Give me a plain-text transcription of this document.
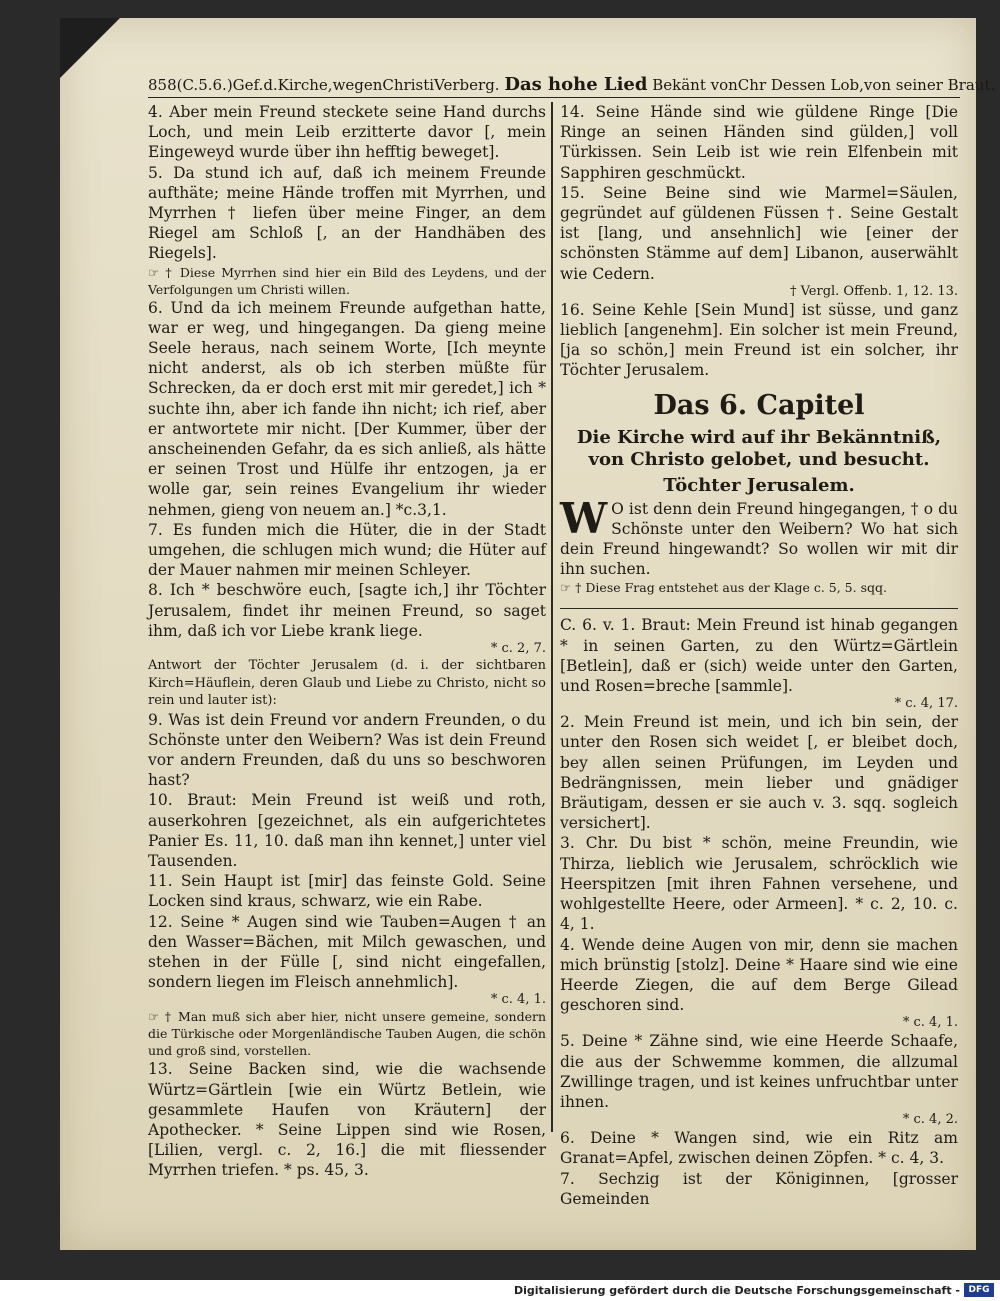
858(C.5.6.)Gef.d.Kirche,wegenChristiVerberg. Das hohe Lied Bekänt vonChr Dessen Lob,von seiner Braut.

4. Aber mein Freund steckete seine Hand durchs Loch, und mein Leib erzitterte davor [, mein Eingeweyd wurde über ihn hefftig beweget].

5. Da stund ich auf, daß ich meinem Freunde aufthäte; meine Hände troffen mit Myrrhen, und Myrrhen † liefen über meine Finger, an dem Riegel am Schloß [, an der Handhäben des Riegels].

☞ † Diese Myrrhen sind hier ein Bild des Leydens, und der Verfolgungen um Christi willen.

6. Und da ich meinem Freunde aufgethan hatte, war er weg, und hingegangen. Da gieng meine Seele heraus, nach seinem Worte, [Ich meynte nicht anderst, als ob ich sterben müßte für Schrecken, da er doch erst mit mir geredet,] ich * suchte ihn, aber ich fande ihn nicht; ich rief, aber er antwortete mir nicht. [Der Kummer, über der anscheinenden Gefahr, da es sich anließ, als hätte er seinen Trost und Hülfe ihr entzogen, ja er wolle gar, sein reines Evangelium ihr wieder nehmen, gieng von neuem an.] *c.3,1.

7. Es funden mich die Hüter, die in der Stadt umgehen, die schlugen mich wund; die Hüter auf der Mauer nahmen mir meinen Schleyer.

8. Ich * beschwöre euch, [sagte ich,] ihr Töchter Jerusalem, findet ihr meinen Freund, so saget ihm, daß ich vor Liebe krank liege.

* c. 2, 7.

Antwort der Töchter Jerusalem (d. i. der sichtbaren Kirch=Häuflein, deren Glaub und Liebe zu Christo, nicht so rein und lauter ist):

9. Was ist dein Freund vor andern Freunden, o du Schönste unter den Weibern? Was ist dein Freund vor andern Freunden, daß du uns so beschworen hast?

10. Braut: Mein Freund ist weiß und roth, auserkohren [gezeichnet, als ein aufgerichtetes Panier Es. 11, 10. daß man ihn kennet,] unter viel Tausenden.

11. Sein Haupt ist [mir] das feinste Gold. Seine Locken sind kraus, schwarz, wie ein Rabe.

12. Seine * Augen sind wie Tauben=Augen † an den Wasser=Bächen, mit Milch gewaschen, und stehen in der Fülle [, sind nicht eingefallen, sondern liegen im Fleisch annehmlich].

* c. 4, 1.

☞ † Man muß sich aber hier, nicht unsere gemeine, sondern die Türkische oder Morgenländische Tauben Augen, die schön und groß sind, vorstellen.

13. Seine Backen sind, wie die wachsende Würtz=Gärtlein [wie ein Würtz Betlein, wie gesammlete Haufen von Kräutern] der Apothecker. * Seine Lippen sind wie Rosen, [Lilien, vergl. c. 2, 16.] die mit fliessender Myrrhen triefen. * ps. 45, 3.

14. Seine Hände sind wie güldene Ringe [Die Ringe an seinen Händen sind gülden,] voll Türkissen. Sein Leib ist wie rein Elfenbein mit Sapphiren geschmückt.

15. Seine Beine sind wie Marmel=Säulen, gegründet auf güldenen Füssen †. Seine Gestalt ist [lang, und ansehnlich] wie [einer der schönsten Stämme auf dem] Libanon, auserwählt wie Cedern.

† Vergl. Offenb. 1, 12. 13.

16. Seine Kehle [Sein Mund] ist süsse, und ganz lieblich [angenehm]. Ein solcher ist mein Freund, [ja so schön,] mein Freund ist ein solcher, ihr Töchter Jerusalem.

Das 6. Capitel

Die Kirche wird auf ihr Bekänntniß, von Christo gelobet, und besucht.

Töchter Jerusalem.

W O ist denn dein Freund hingegangen, † o du Schönste unter den Weibern? Wo hat sich dein Freund hingewandt? So wollen wir mit dir ihn suchen.

☞ † Diese Frag entstehet aus der Klage c. 5, 5. sqq.

C. 6. v. 1. Braut: Mein Freund ist hinab gegangen * in seinen Garten, zu den Würtz=Gärtlein [Betlein], daß er (sich) weide unter den Garten, und Rosen=breche [sammle].

* c. 4, 17.

2. Mein Freund ist mein, und ich bin sein, der unter den Rosen sich weidet [, er bleibet doch, bey allen seinen Prüfungen, im Leyden und Bedrängnissen, mein lieber und gnädiger Bräutigam, dessen er sie auch v. 3. sqq. sogleich versichert].

3. Chr. Du bist * schön, meine Freundin, wie Thirza, lieblich wie Jerusalem, schröcklich wie Heerspitzen [mit ihren Fahnen versehene, und wohlgestellte Heere, oder Armeen]. * c. 2, 10. c. 4, 1.

4. Wende deine Augen von mir, denn sie machen mich brünstig [stolz]. Deine * Haare sind wie eine Heerde Ziegen, die auf dem Berge Gilead geschoren sind.

* c. 4, 1.

5. Deine * Zähne sind, wie eine Heerde Schaafe, die aus der Schwemme kommen, die allzumal Zwillinge tragen, und ist keines unfruchtbar unter ihnen.

* c. 4, 2.

6. Deine * Wangen sind, wie ein Ritz am Granat=Apfel, zwischen deinen Zöpfen. * c. 4, 3.

7. Sechzig ist der Königinnen, [grosser Gemeinden

Digitalisierung gefördert durch die Deutsche Forschungsgemeinschaft - DFG
